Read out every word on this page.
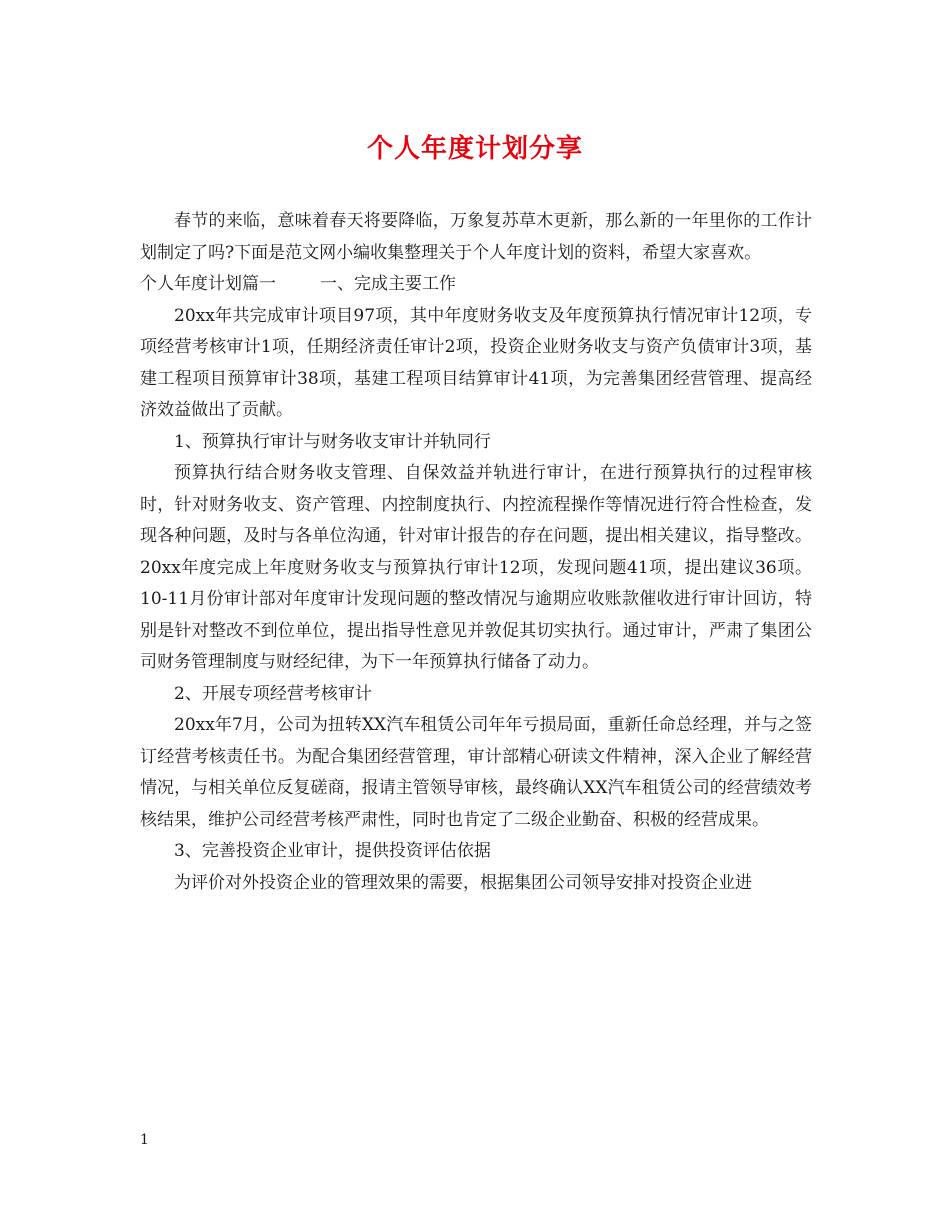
个人年度计划分享

春节的来临，意味着春天将要降临，万象复苏草木更新，那么新的一年里你的工作计划制定了吗?下面是范文网小编收集整理关于个人年度计划的资料，希望大家喜欢。

个人年度计划篇一	一、完成主要工作

20xx年共完成审计项目97项，其中年度财务收支及年度预算执行情况审计12项，专项经营考核审计1项，任期经济责任审计2项，投资企业财务收支与资产负债审计3项，基建工程项目预算审计38项，基建工程项目结算审计41项，为完善集团经营管理、提高经济效益做出了贡献。

1、预算执行审计与财务收支审计并轨同行

预算执行结合财务收支管理、自保效益并轨进行审计，在进行预算执行的过程审核时，针对财务收支、资产管理、内控制度执行、内控流程操作等情况进行符合性检查，发现各种问题，及时与各单位沟通，针对审计报告的存在问题，提出相关建议，指导整改。20xx年度完成上年度财务收支与预算执行审计12项，发现问题41项，提出建议36项。10-11月份审计部对年度审计发现问题的整改情况与逾期应收账款催收进行审计回访，特别是针对整改不到位单位，提出指导性意见并敦促其切实执行。通过审计，严肃了集团公司财务管理制度与财经纪律，为下一年预算执行储备了动力。

2、开展专项经营考核审计

20xx年7月，公司为扭转XX汽车租赁公司年年亏损局面，重新任命总经理，并与之签订经营考核责任书。为配合集团经营管理，审计部精心研读文件精神，深入企业了解经营情况，与相关单位反复磋商，报请主管领导审核，最终确认XX汽车租赁公司的经营绩效考核结果，维护公司经营考核严肃性，同时也肯定了二级企业勤奋、积极的经营成果。

3、完善投资企业审计，提供投资评估依据

为评价对外投资企业的管理效果的需要，根据集团公司领导安排对投资企业进

1
